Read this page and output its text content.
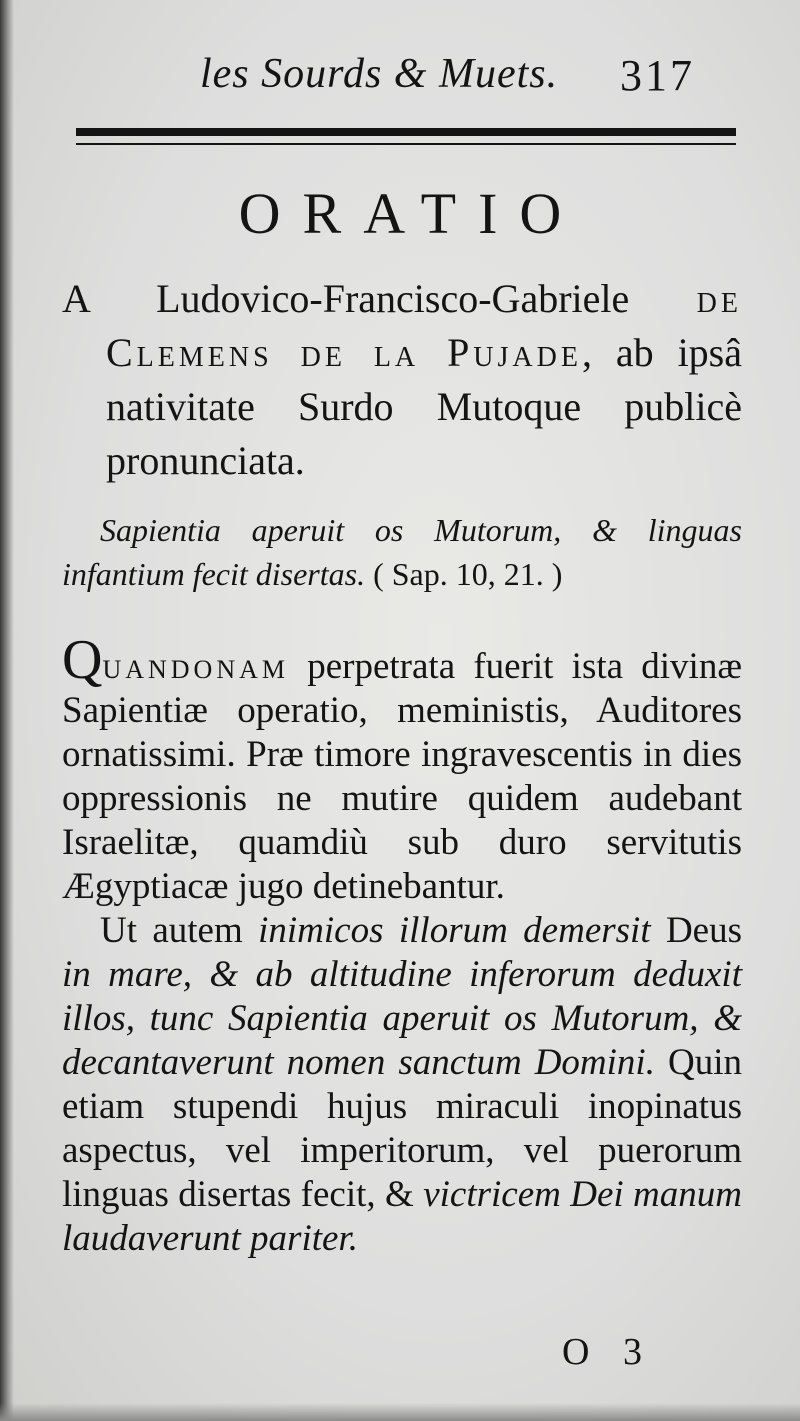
les Sourds & Muets. 317
ORATIO

A Ludovico-Francisco-Gabriele de Clemens de la Pujade, ab ipsâ nativitate Surdo Mutoque publicè pronunciata.

Sapientia aperuit os Mutorum, & linguas infantium fecit disertas. ( Sap. 10, 21. )

Quandonam perpetrata fuerit ista divinæ Sapientiæ operatio, meministis, Auditores ornatissimi. Præ timore ingravescentis in dies oppressionis ne mutire quidem audebant Israelitæ, quamdiù sub duro servitutis Ægyptiacæ jugo detinebantur.

Ut autem inimicos illorum demersit Deus in mare, & ab altitudine inferorum deduxit illos, tunc Sapientia aperuit os Mutorum, & decantaverunt nomen sanctum Domini. Quin etiam stupendi hujus miraculi inopinatus aspectus, vel imperitorum, vel puerorum linguas disertas fecit, & victricem Dei manum laudaverunt pariter.

O 3
